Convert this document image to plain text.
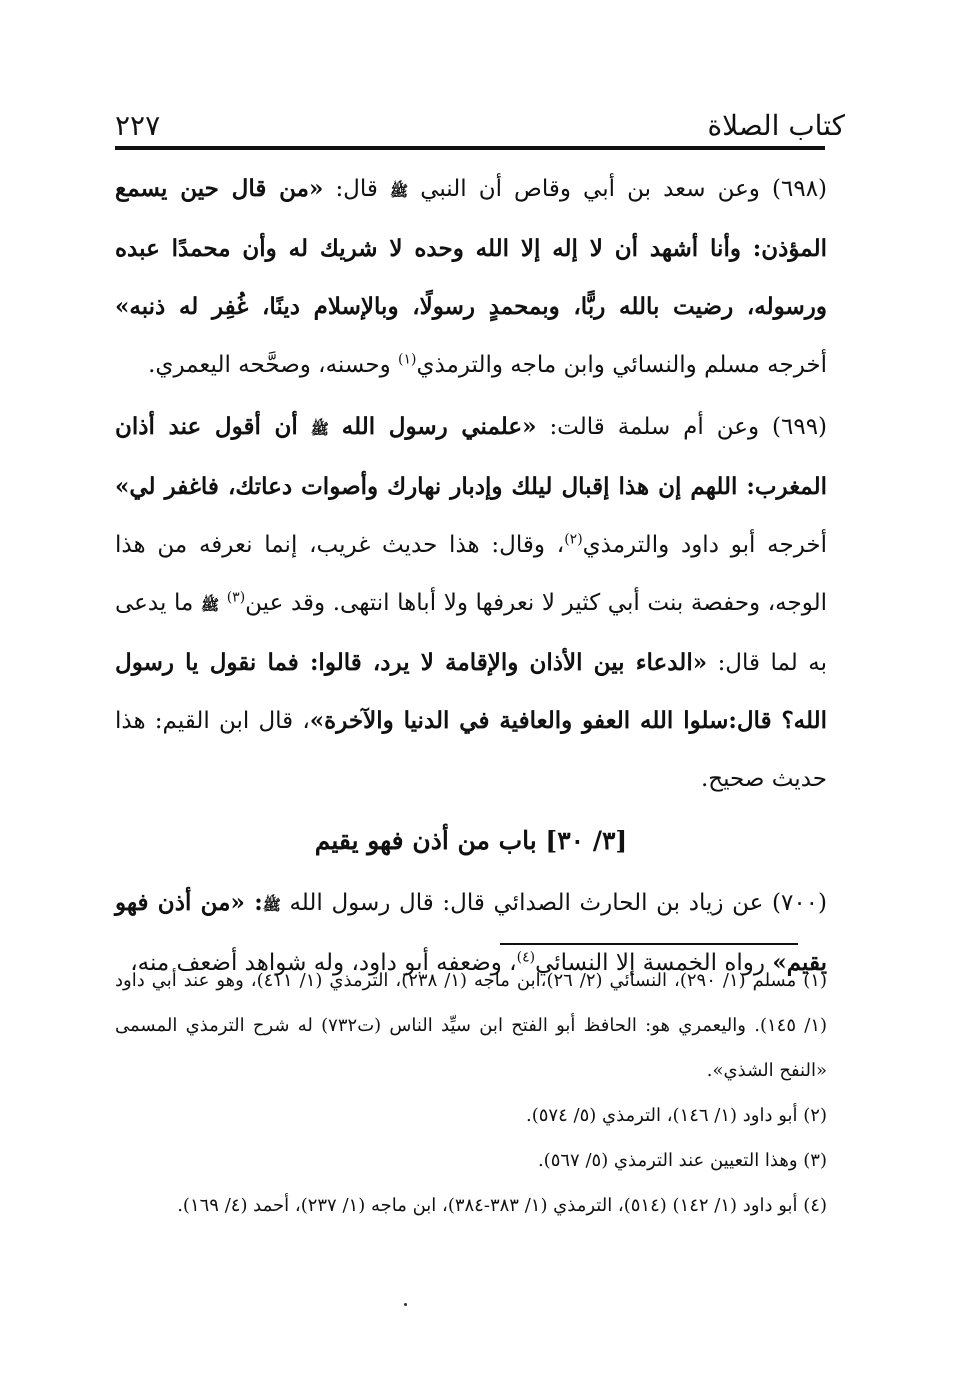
كتاب الصلاة
٢٢٧

(٦٩٨) وعن سعد بن أبي وقاص أن النبي ﷺ قال: «من قال حين يسمع المؤذن: وأنا أشهد أن لا إله إلا الله وحده لا شريك له وأن محمدًا عبده ورسوله، رضيت بالله ربًّا، وبمحمدٍ رسولًا، وبالإسلام دينًا، غُفِر له ذنبه» أخرجه مسلم والنسائي وابن ماجه والترمذي$^{(١)}$ وحسنه، وصحَّحه اليعمري.

(٦٩٩) وعن أم سلمة قالت: «علمني رسول الله ﷺ أن أقول عند أذان المغرب: اللهم إن هذا إقبال ليلك وإدبار نهارك وأصوات دعاتك، فاغفر لي» أخرجه أبو داود والترمذي$^{(٢)}$، وقال: هذا حديث غريب، إنما نعرفه من هذا الوجه، وحفصة بنت أبي كثير لا نعرفها ولا أباها انتهى. وقد عين$^{(٣)}$ ﷺ ما يدعى به لما قال: «الدعاء بين الأذان والإقامة لا يرد، قالوا: فما نقول يا رسول الله؟ قال:سلوا الله العفو والعافية في الدنيا والآخرة»، قال ابن القيم: هذا حديث صحيح.

[٣/ ٣٠] باب من أذن فهو يقيم

(٧٠٠) عن زياد بن الحارث الصدائي قال: قال رسول الله ﷺ: «من أذن فهو يقيم» رواه الخمسة إلا النسائي$^{(٤)}$، وضعفه أبو داود، وله شواهد أضعف منه،

(١) مسلم (١/ ٢٩٠)، النسائي (٢/ ٢٦)،ابن ماجه (١/ ٢٣٨)، الترمذي (١/ ٤١١)، وهو عند أبي داود (١/ ١٤٥). واليعمري هو: الحافظ أبو الفتح ابن سيِّد الناس (ت٧٣٢) له شرح الترمذي المسمى «النفح الشذي».

(٢) أبو داود (١/ ١٤٦)، الترمذي (٥/ ٥٧٤).

(٣) وهذا التعيين عند الترمذي (٥/ ٥٦٧).

(٤) أبو داود (١/ ١٤٢) (٥١٤)، الترمذي (١/ ٣٨٣-٣٨٤)، ابن ماجه (١/ ٢٣٧)، أحمد (٤/ ١٦٩).
